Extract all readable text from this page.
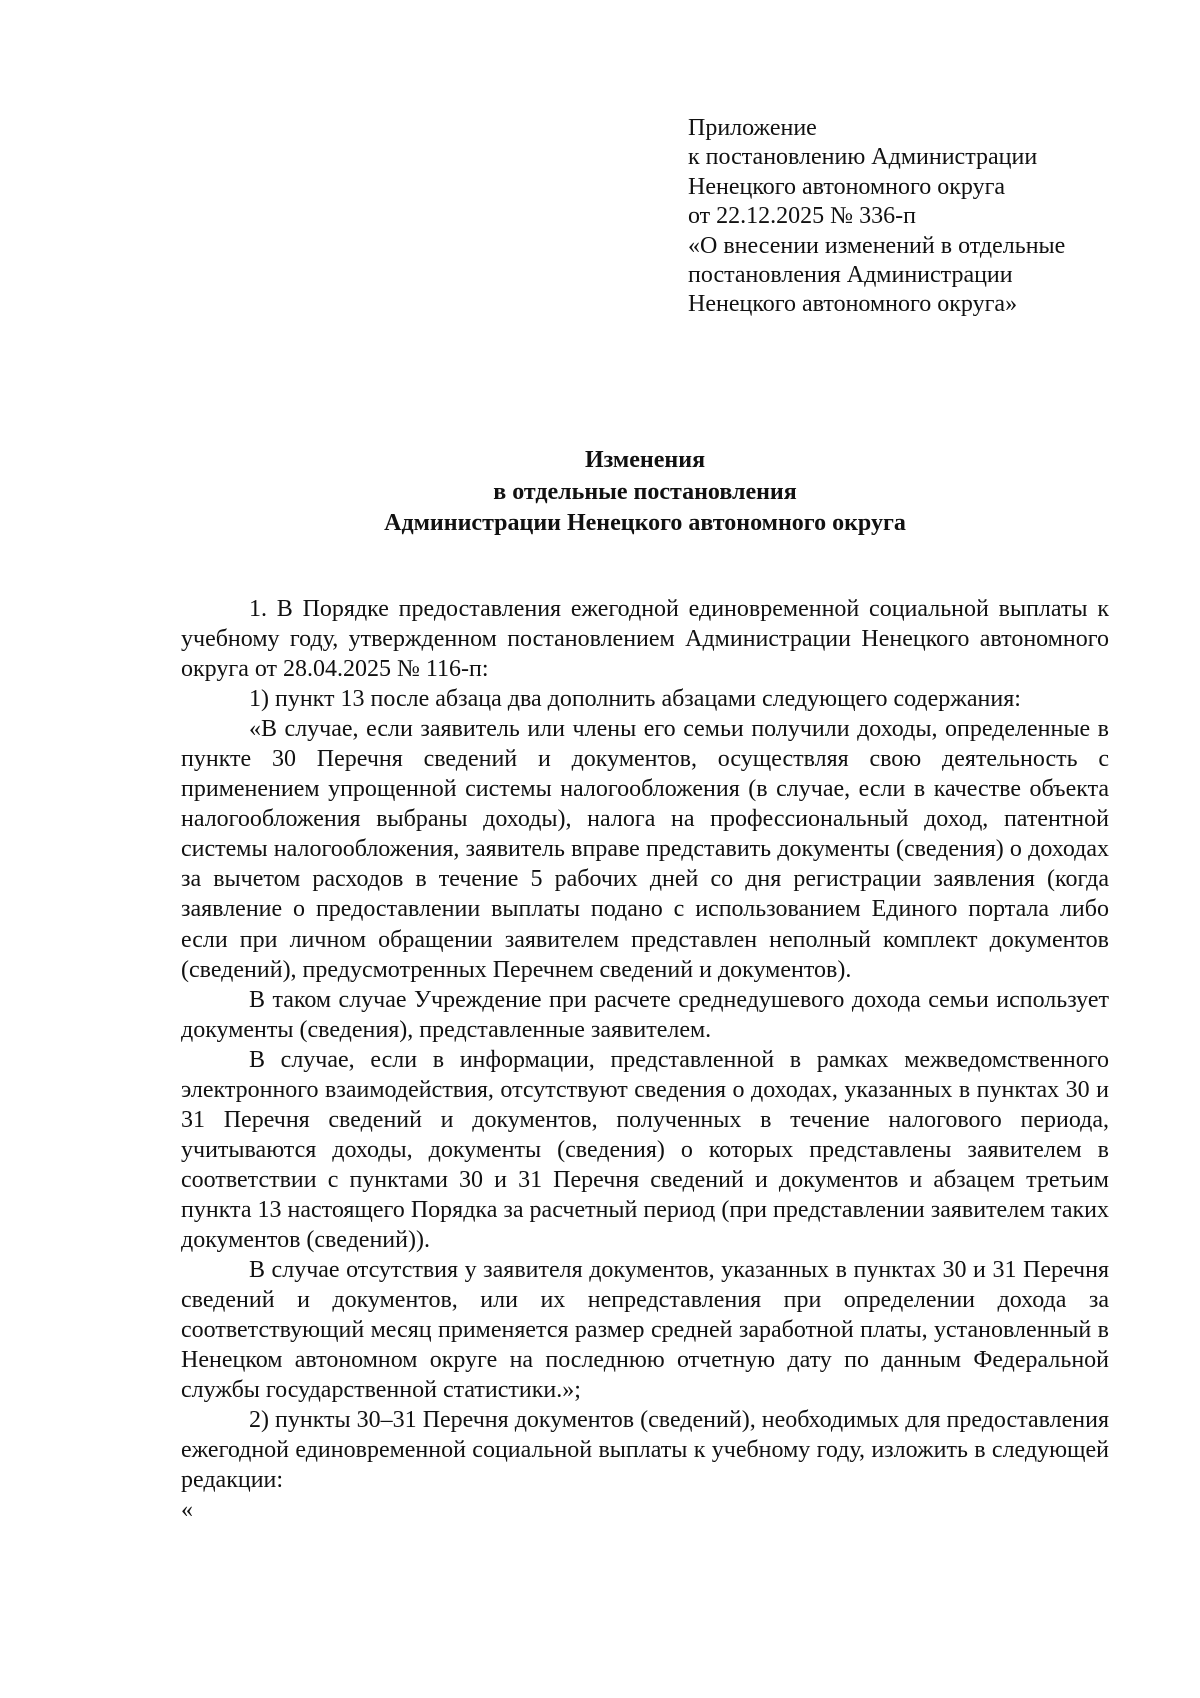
Приложение
к постановлению Администрации
Ненецкого автономного округа
от 22.12.2025 № 336-п
«О внесении изменений в отдельные
постановления Администрации
Ненецкого автономного округа»
Изменения
в отдельные постановления
Администрации Ненецкого автономного округа

1. В Порядке предоставления ежегодной единовременной социальной выплаты к учебному году, утвержденном постановлением Администрации Ненецкого автономного округа от 28.04.2025 № 116-п:

1) пункт 13 после абзаца два дополнить абзацами следующего содержания:

«В случае, если заявитель или члены его семьи получили доходы, определенные в пункте 30 Перечня сведений и документов, осуществляя свою деятельность с применением упрощенной системы налогообложения (в случае, если в качестве объекта налогообложения выбраны доходы), налога на профессиональный доход, патентной системы налогообложения, заявитель вправе представить документы (сведения) о доходах за вычетом расходов в течение 5 рабочих дней со дня регистрации заявления (когда заявление о предоставлении выплаты подано с использованием Единого портала либо если при личном обращении заявителем представлен неполный комплект документов (сведений), предусмотренных Перечнем сведений и документов).

В таком случае Учреждение при расчете среднедушевого дохода семьи использует документы (сведения), представленные заявителем.

В случае, если в информации, представленной в рамках межведомственного электронного взаимодействия, отсутствуют сведения о доходах, указанных в пунктах 30 и 31 Перечня сведений и документов, полученных в течение налогового периода, учитываются доходы, документы (сведения) о которых представлены заявителем в соответствии с пунктами 30 и 31 Перечня сведений и документов и абзацем третьим пункта 13 настоящего Порядка за расчетный период (при представлении заявителем таких документов (сведений)).

В случае отсутствия у заявителя документов, указанных в пунктах 30 и 31 Перечня сведений и документов, или их непредставления при определении дохода за соответствующий месяц применяется размер средней заработной платы, установленный в Ненецком автономном округе на последнюю отчетную дату по данным Федеральной службы государственной статистики.»;

2) пункты 30–31 Перечня документов (сведений), необходимых для предоставления ежегодной единовременной социальной выплаты к учебному году, изложить в следующей редакции:

«
